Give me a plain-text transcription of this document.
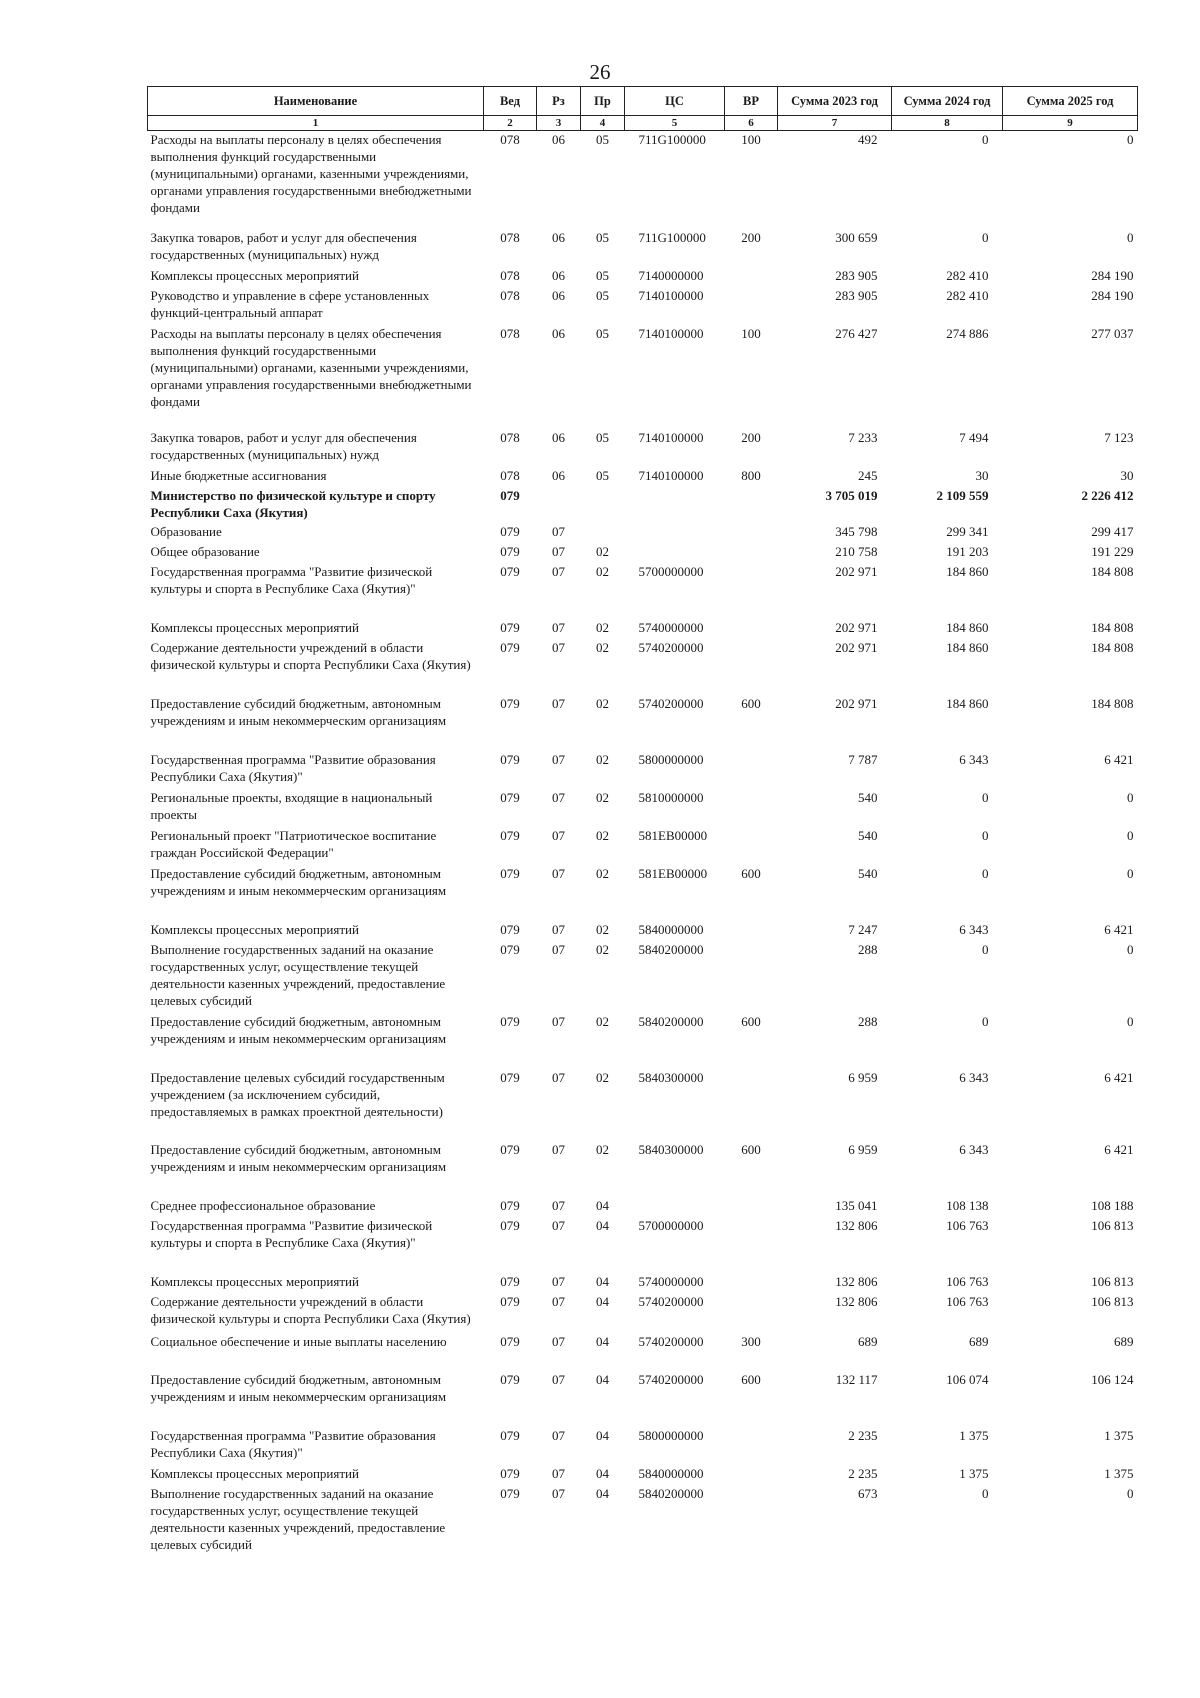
26
Наименование	Вед	Рз	Пр	ЦС	ВР	Сумма 2023 год	Сумма 2024 год	Сумма 2025 год
1	2	3	4	5	6	7	8	9
Расходы на выплаты персоналу в целях обеспечения выполнения функций государственными (муниципальными) органами, казенными учреждениями, органами управления государственными внебюджетными фондами	078	06	05	711G100000	100	492	0	0
Закупка товаров, работ и услуг для обеспечения государственных (муниципальных) нужд	078	06	05	711G100000	200	300 659	0	0
Комплексы процессных мероприятий	078	06	05	7140000000		283 905	282 410	284 190
Руководство и управление в сфере установленных функций-центральный аппарат	078	06	05	7140100000		283 905	282 410	284 190
Расходы на выплаты персоналу в целях обеспечения выполнения функций государственными (муниципальными) органами, казенными учреждениями, органами управления государственными внебюджетными фондами	078	06	05	7140100000	100	276 427	274 886	277 037
Закупка товаров, работ и услуг для обеспечения государственных (муниципальных) нужд	078	06	05	7140100000	200	7 233	7 494	7 123
Иные бюджетные ассигнования	078	06	05	7140100000	800	245	30	30
Министерство по физической культуре и спорту Республики Саха (Якутия)	079					3 705 019	2 109 559	2 226 412
Образование	079	07				345 798	299 341	299 417
Общее образование	079	07	02			210 758	191 203	191 229
Государственная программа "Развитие физической культуры и спорта в Республике Саха (Якутия)"	079	07	02	5700000000		202 971	184 860	184 808
Комплексы процессных мероприятий	079	07	02	5740000000		202 971	184 860	184 808
Содержание деятельности учреждений в области физической культуры и спорта Республики Саха (Якутия)	079	07	02	5740200000		202 971	184 860	184 808
Предоставление субсидий бюджетным, автономным учреждениям и иным некоммерческим организациям	079	07	02	5740200000	600	202 971	184 860	184 808
Государственная программа "Развитие образования Республики Саха (Якутия)"	079	07	02	5800000000		7 787	6 343	6 421
Региональные проекты, входящие в национальный проекты	079	07	02	5810000000		540	0	0
Региональный проект "Патриотическое воспитание граждан Российской Федерации"	079	07	02	581EB00000		540	0	0
Предоставление субсидий бюджетным, автономным учреждениям и иным некоммерческим организациям	079	07	02	581EB00000	600	540	0	0
Комплексы процессных мероприятий	079	07	02	5840000000		7 247	6 343	6 421
Выполнение государственных заданий на оказание государственных услуг, осуществление текущей деятельности казенных учреждений, предоставление целевых субсидий	079	07	02	5840200000		288	0	0
Предоставление субсидий бюджетным, автономным учреждениям и иным некоммерческим организациям	079	07	02	5840200000	600	288	0	0
Предоставление целевых субсидий государственным учреждением (за исключением субсидий, предоставляемых в рамках проектной деятельности)	079	07	02	5840300000		6 959	6 343	6 421
Предоставление субсидий бюджетным, автономным учреждениям и иным некоммерческим организациям	079	07	02	5840300000	600	6 959	6 343	6 421
Среднее профессиональное образование	079	07	04			135 041	108 138	108 188
Государственная программа "Развитие физической культуры и спорта в Республике Саха (Якутия)"	079	07	04	5700000000		132 806	106 763	106 813
Комплексы процессных мероприятий	079	07	04	5740000000		132 806	106 763	106 813
Содержание деятельности учреждений в области физической культуры и спорта Республики Саха (Якутия)	079	07	04	5740200000		132 806	106 763	106 813
Социальное обеспечение и иные выплаты населению	079	07	04	5740200000	300	689	689	689
Предоставление субсидий бюджетным, автономным учреждениям и иным некоммерческим организациям	079	07	04	5740200000	600	132 117	106 074	106 124
Государственная программа "Развитие образования Республики Саха (Якутия)"	079	07	04	5800000000		2 235	1 375	1 375
Комплексы процессных мероприятий	079	07	04	5840000000		2 235	1 375	1 375
Выполнение государственных заданий на оказание государственных услуг, осуществление текущей деятельности казенных учреждений, предоставление целевых субсидий	079	07	04	5840200000		673	0	0
